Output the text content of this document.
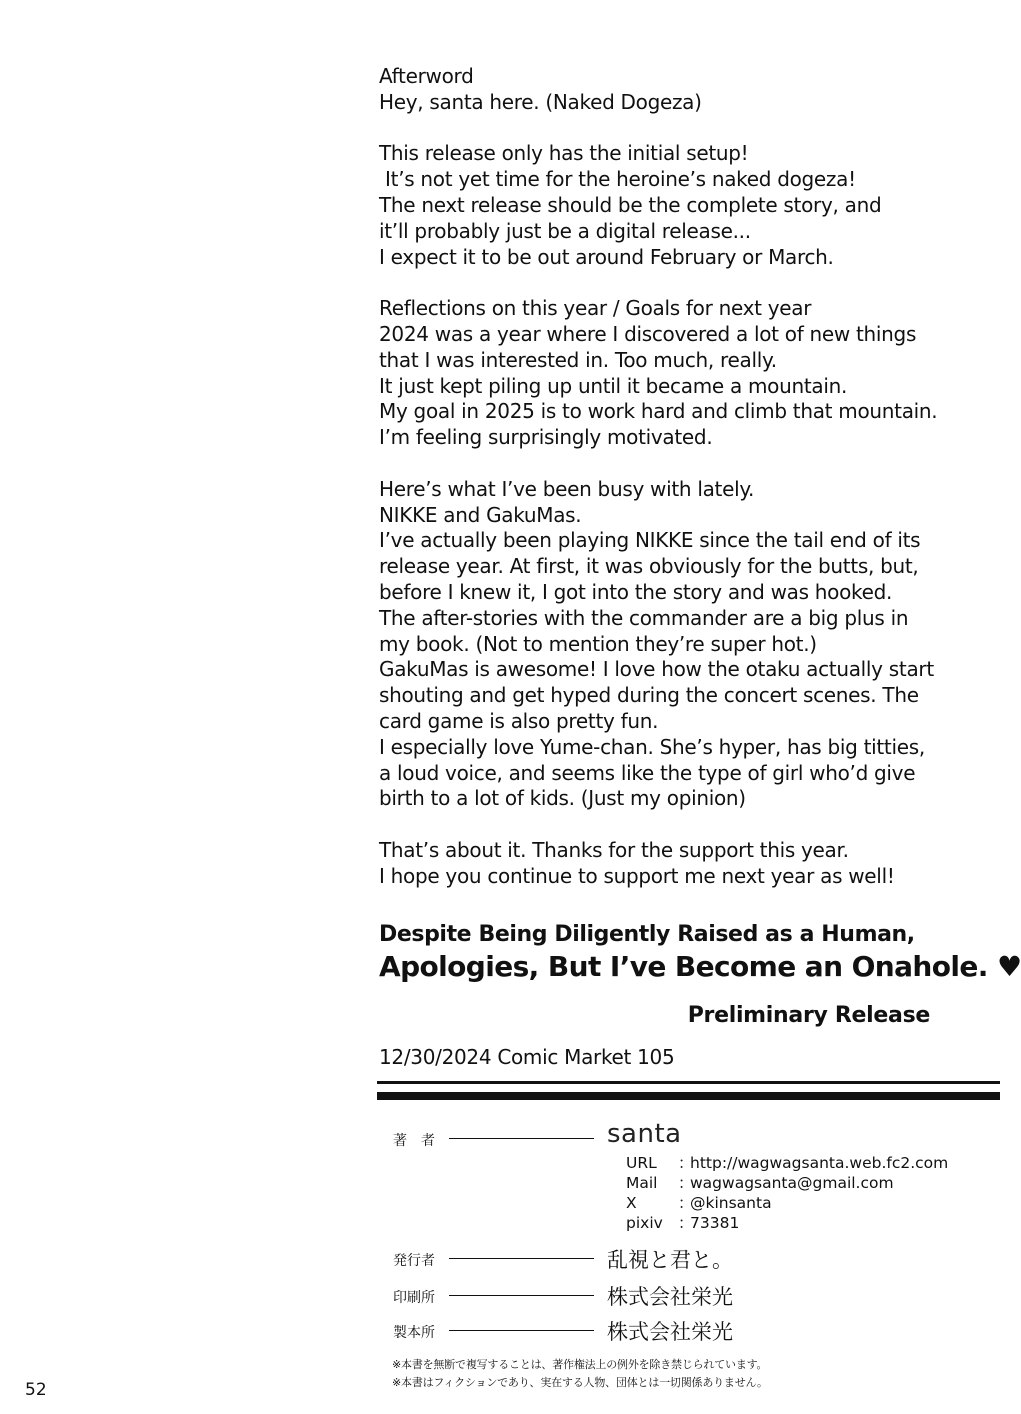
Afterword
Hey, santa here. (Naked Dogeza)
This release only has the initial setup!
It’s not yet time for the heroine’s naked dogeza!
The next release should be the complete story, and
it’ll probably just be a digital release...
I expect it to be out around February or March.
Reflections on this year / Goals for next year
2024 was a year where I discovered a lot of new things
that I was interested in. Too much, really.
It just kept piling up until it became a mountain.
My goal in 2025 is to work hard and climb that mountain.
I’m feeling surprisingly motivated.
Here’s what I’ve been busy with lately.
NIKKE and GakuMas.
I’ve actually been playing NIKKE since the tail end of its
release year. At first, it was obviously for the butts, but,
before I knew it, I got into the story and was hooked.
The after-stories with the commander are a big plus in
my book. (Not to mention they’re super hot.)
GakuMas is awesome! I love how the otaku actually start
shouting and get hyped during the concert scenes. The
card game is also pretty fun.
I especially love Yume-chan. She’s hyper, has big titties,
a loud voice, and seems like the type of girl who’d give
birth to a lot of kids. (Just my opinion)
That’s about it. Thanks for the support this year.
I hope you continue to support me next year as well!
Despite Being Diligently Raised as a Human,
Apologies, But I’ve Become an Onahole. ♥
Preliminary Release
12/30/2024 Comic Market 105
著　者	santa
URL ：http://wagwagsanta.web.fc2.com
Mail ：wagwagsanta@gmail.com
X	：@kinsanta
pixiv ：73381
発行者	乱視と君と。
印刷所	株式会社栄光
製本所	株式会社栄光
※本書を無断で複写することは、著作権法上の例外を除き禁じられています。
※本書はフィクションであり、実在する人物、団体とは一切関係ありません。
52
